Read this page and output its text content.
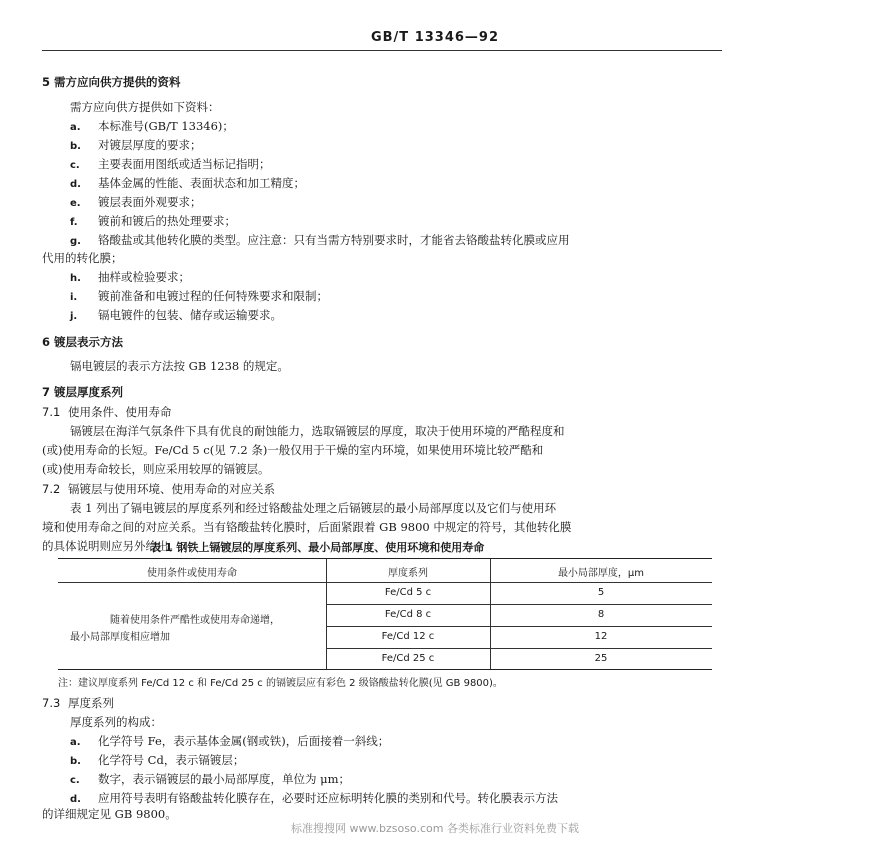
GB/T 13346—92
5 需方应向供方提供的资料
需方应向供方提供如下资料：
a. 本标准号(GB/T 13346)；
b. 对镀层厚度的要求；
c. 主要表面用图纸或适当标记指明；
d. 基体金属的性能、表面状态和加工精度；
e. 镀层表面外观要求；
f. 镀前和镀后的热处理要求；
g. 铬酸盐或其他转化膜的类型。应注意：只有当需方特别要求时，才能省去铬酸盐转化膜或应用
代用的转化膜；
h. 抽样或检验要求；
i. 镀前准备和电镀过程的任何特殊要求和限制；
j. 镉电镀件的包装、储存或运输要求。
6 镀层表示方法
镉电镀层的表示方法按 GB 1238 的规定。
7 镀层厚度系列
7.1 使用条件、使用寿命
镉镀层在海洋气氛条件下具有优良的耐蚀能力，选取镉镀层的厚度，取决于使用环境的严酷程度和
(或)使用寿命的长短。Fe/Cd 5 c(见 7.2 条)一般仅用于干燥的室内环境，如果使用环境比较严酷和
(或)使用寿命较长，则应采用较厚的镉镀层。
7.2 镉镀层与使用环境、使用寿命的对应关系
表 1 列出了镉电镀层的厚度系列和经过铬酸盐处理之后镉镀层的最小局部厚度以及它们与使用环
境和使用寿命之间的对应关系。当有铬酸盐转化膜时，后面紧跟着 GB 9800 中规定的符号，其他转化膜
的具体说明则应另外给出。
表 1 钢铁上镉镀层的厚度系列、最小局部厚度、使用环境和使用寿命
使用条件或使用寿命	厚度系列	最小局部厚度，μm
随着使用条件严酷性或使用寿命递增，
最小局部厚度相应增加
Fe/Cd 5 c	5
Fe/Cd 8 c	8
Fe/Cd 12 c	12
Fe/Cd 25 c	25
注：建议厚度系列 Fe/Cd 12 c 和 Fe/Cd 25 c 的镉镀层应有彩色 2 级铬酸盐转化膜(见 GB 9800)。
7.3 厚度系列
厚度系列的构成：
a. 化学符号 Fe，表示基体金属(钢或铁)，后面接着一斜线；
b. 化学符号 Cd，表示镉镀层；
c. 数字，表示镉镀层的最小局部厚度，单位为 μm；
d. 应用符号表明有铬酸盐转化膜存在，必要时还应标明转化膜的类别和代号。转化膜表示方法
的详细规定见 GB 9800。
标准搜搜网 www.bzsoso.com 各类标准行业资料免费下载
